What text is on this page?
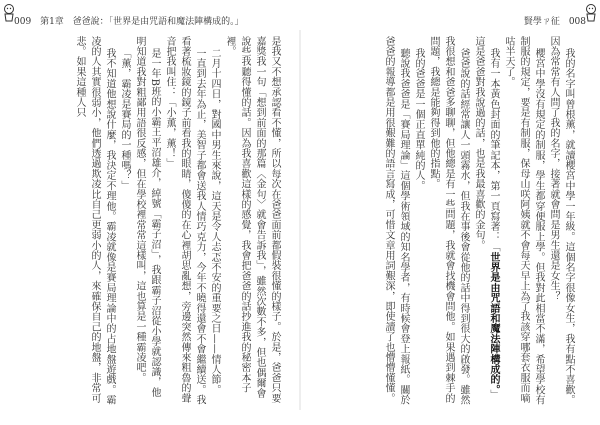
009 第1章 爸爸說：「世界是由咒語和魔法陣構成的。」

是我又不想承認看不懂，所以每次在爸爸面前都假裝很懂的樣子。於是，爸爸只要嘉獎我一句「想到前面的那篇〈金句〉就會告訴我」，雖然次數不多，但也偶爾會說些我聽得懂的話。因為我喜歡這樣的感覺，我會把爸爸的話抄進我的秘密本子裡。

二月十四日，對國中男生來說，這天是令人忐忑不安的重要之日——情人節。

一直到去年為止，美智子都會送我人情巧克力，今年不曉得還會不會繼續送。我看著梳妝鏡的鏡子前看我的眼睛，傻傻的在心裡胡思亂想，旁邊突然傳來粗魯的聲音把我叫住：「小薰，薰！」

是一年B班的小霸王平沼雄介，綽號「霸子沼」，我跟霸子沼從小學就認識，他明知道我對粗鄙用語很反感，但在學校裡常常這樣叫，這也算是一種霸凌吧。

「薰，霸凌是賽局的一種嗎？」

我不知道他想說什麼，我決定不理他。霸凌就像是賽局理論中的占地盤遊戲。霸凌的人其實很弱小，他們透過欺凌比自己更弱小的人，來確保自己的地盤，非常可悲。如果這種人只

賢學ㄗ征 008

我的名字叫曾根薰，就讀櫻宮中學一年級。這個名字很像女生，我有點不喜歡。因為常常有人問了我的名字，接著就會問是男生還是女生？

櫻宮中學沒有規定的制服，學生都穿便服上學。但我對此相當不滿，希望學校有制服的規定，要是有制服，保母山咲阿姨就不會每天早上為了我該穿哪套衣服而嘀咕半天了。

我有一本黃色封面的筆記本，第一頁寫著：「世界是由咒語和魔法陣構成的。」這是爸爸對我說過的話，也是我最喜歡的金句。

爸爸說的話經常讓人一頭霧水，但我在事後會從他的話中得到很大的啟發。雖然我很想和爸爸多聊聊，但他總是有一些問題，我就會找機會問他。如果遇到棘手的問題，我總是能夠得到他的指點。

我的爸爸是一個正直單純的人。

聽說我爸爸是「賽局理論」這個學術領域的知名學者，有時候會登上報紙。關於爸爸的報導都是用很艱難的語言寫成，可惜文章用詞艱深，即使讀了也懵懵懂懂。
